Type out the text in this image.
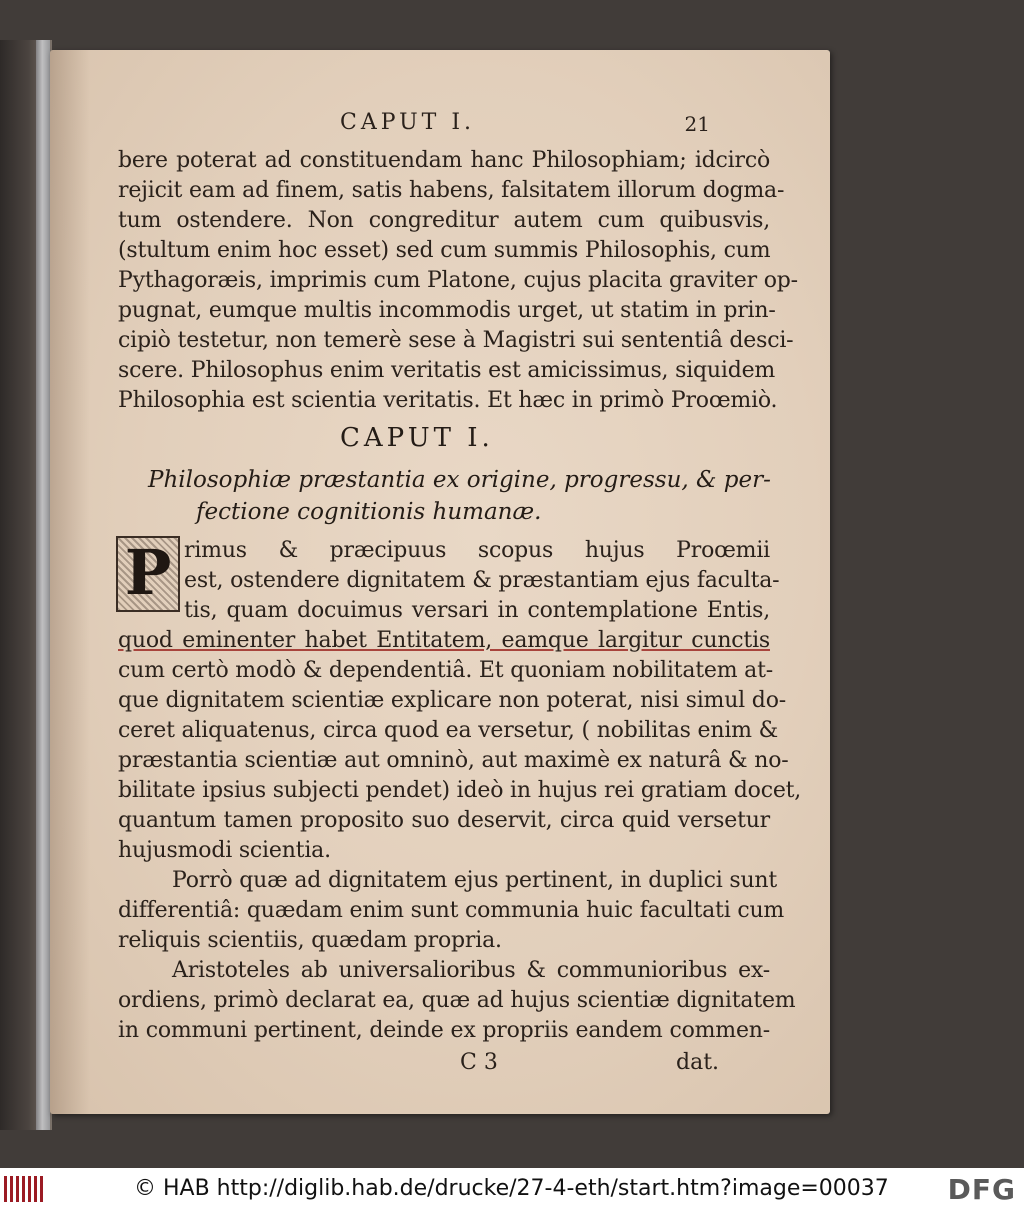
CAPUT I.	21
bere poterat ad constituendam hanc Philosophiam; idcircò
rejicit eam ad finem, satis habens, falsitatem illorum dogma-
tum ostendere. Non congreditur autem cum quibusvis,
(stultum enim hoc esset) sed cum summis Philosophis, cum
Pythagoræis, imprimis cum Platone, cujus placita graviter op-
pugnat, eumque multis incommodis urget, ut statim in prin-
cipiò testetur, non temerè sese à Magistri sui sententiâ desci-
scere. Philosophus enim veritatis est amicissimus, siquidem
Philosophia est scientia veritatis. Et hæc in primò Proœmiò.
CAPUT I.
Philosophiæ præstantia ex origine, progressu, & per-
fectione cognitionis humanæ.
P rimus & præcipuus scopus hujus Proœmii
est, ostendere dignitatem & præstantiam ejus faculta-
tis, quam docuimus versari in contemplatione Entis,
quod eminenter habet Entitatem, eamque largitur cunctis
cum certò modò & dependentiâ. Et quoniam nobilitatem at-
que dignitatem scientiæ explicare non poterat, nisi simul do-
ceret aliquatenus, circa quod ea versetur, ( nobilitas enim &
præstantia scientiæ aut omninò, aut maximè ex naturâ & no-
bilitate ipsius subjecti pendet) ideò in hujus rei gratiam docet,
quantum tamen proposito suo deservit, circa quid versetur
hujusmodi scientia.
Porrò quæ ad dignitatem ejus pertinent, in duplici sunt
differentiâ: quædam enim sunt communia huic facultati cum
reliquis scientiis, quædam propria.
Aristoteles ab universalioribus & communioribus ex-
ordiens, primò declarat ea, quæ ad hujus scientiæ dignitatem
in communi pertinent, deinde ex propriis eandem commen-
C 3	dat.
© HAB http://diglib.hab.de/drucke/27-4-eth/start.htm?image=00037 DFG
